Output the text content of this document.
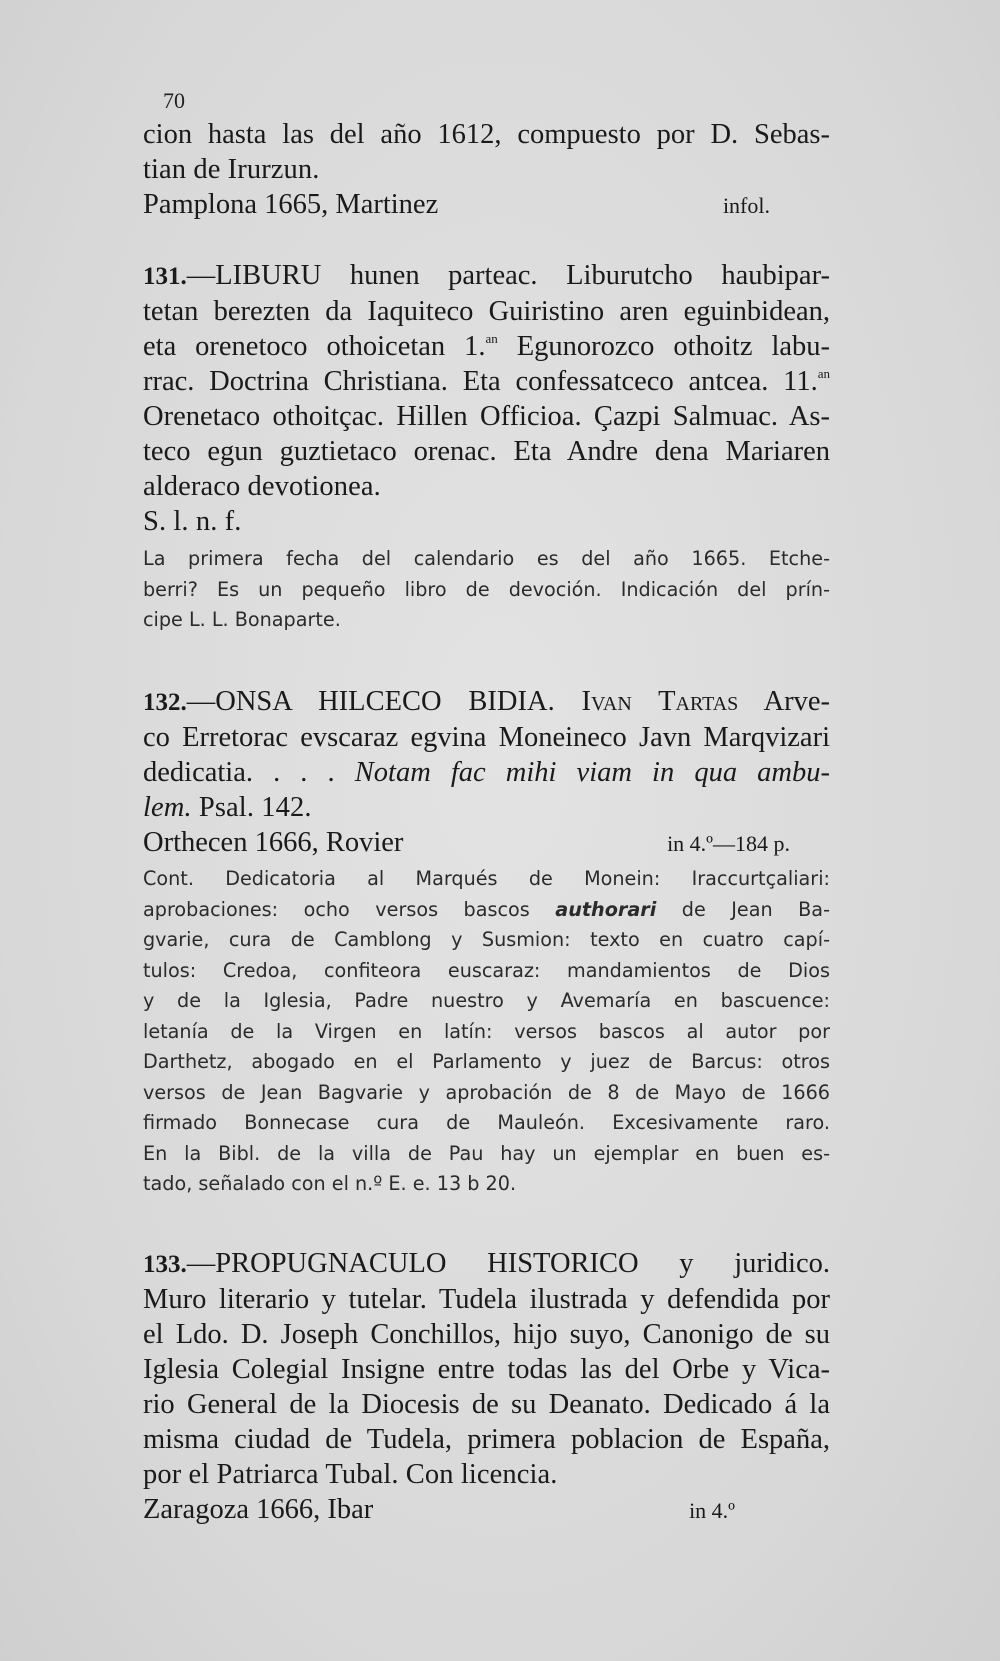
70
cion hasta las del año 1612, compuesto por D. Sebas-
tian de Irurzun.
Pamplona 1665, Martinez	infol.
131.—LIBURU hunen parteac. Liburutcho haubipar-
tetan berezten da Iaquiteco Guiristino aren eguinbidean,
eta orenetoco othoicetan 1.$^{an}$ Egunorozco othoitz labu-
rrac. Doctrina Christiana. Eta confessatceco antcea. 11.$^{an}$
Orenetaco othoitçac. Hillen Officioa. Çazpi Salmuac. As-
teco egun guztietaco orenac. Eta Andre dena Mariaren
alderaco devotionea.
S. l. n. f.
La primera fecha del calendario es del año 1665. Etche-
berri? Es un pequeño libro de devoción. Indicación del prín-
cipe L. L. Bonaparte.
132.—ONSA HILCECO BIDIA. Ivan Tartas Arve-
co Erretorac evscaraz egvina Moneineco Javn Marqvizari
dedicatia. . . . Notam fac mihi viam in qua ambu-
lem. Psal. 142.
Orthecen 1666, Rovier	in 4.º—184 p.
Cont. Dedicatoria al Marqués de Monein: Iraccurtçaliari:
aprobaciones: ocho versos bascos authorari de Jean Ba-
gvarie, cura de Camblong y Susmion: texto en cuatro capí-
tulos: Credoa, confiteora euscaraz: mandamientos de Dios
y de la Iglesia, Padre nuestro y Avemaría en bascuence:
letanía de la Virgen en latín: versos bascos al autor por
Darthetz, abogado en el Parlamento y juez de Barcus: otros
versos de Jean Bagvarie y aprobación de 8 de Mayo de 1666
firmado Bonnecase cura de Mauleón. Excesivamente raro.
En la Bibl. de la villa de Pau hay un ejemplar en buen es-
tado, señalado con el n.º E. e. 13 b 20.
133.—PROPUGNACULO HISTORICO y juridico.
Muro literario y tutelar. Tudela ilustrada y defendida por
el Ldo. D. Joseph Conchillos, hijo suyo, Canonigo de su
Iglesia Colegial Insigne entre todas las del Orbe y Vica-
rio General de la Diocesis de su Deanato. Dedicado á la
misma ciudad de Tudela, primera poblacion de España,
por el Patriarca Tubal. Con licencia.
Zaragoza 1666, Ibar	in 4.º
